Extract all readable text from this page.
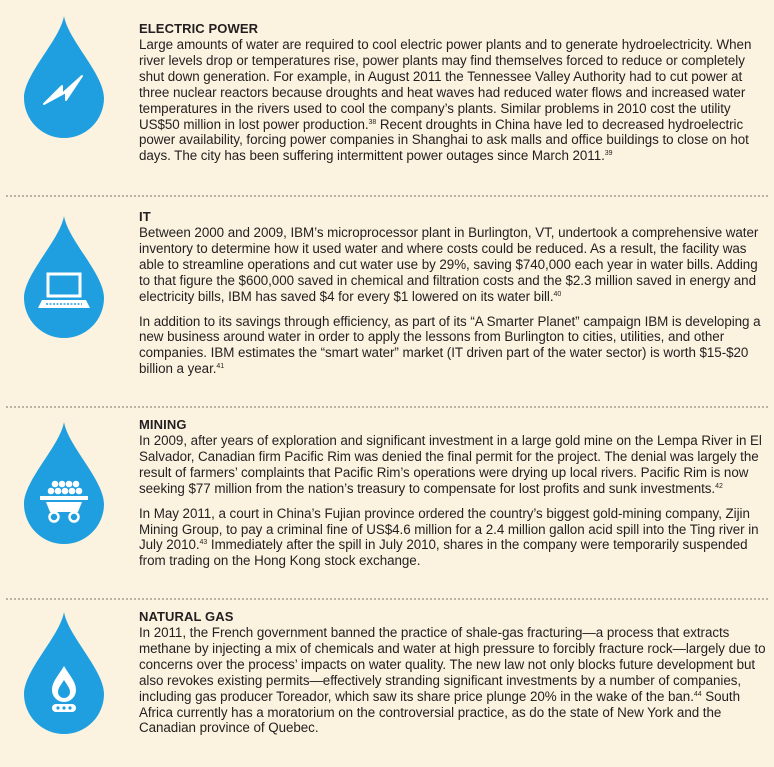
ELECTRIC POWER

Large amounts of water are required to cool electric power plants and to generate hydroelectricity. When river levels drop or temperatures rise, power plants may find themselves forced to reduce or completely shut down generation. For example, in August 2011 the Tennessee Valley Authority had to cut power at three nuclear reactors because droughts and heat waves had reduced water flows and increased water temperatures in the rivers used to cool the company’s plants. Similar problems in 2010 cost the utility US$50 million in lost power production.$^{38}$ Recent droughts in China have led to decreased hydroelectric power availability, forcing power companies in Shanghai to ask malls and office buildings to close on hot days. The city has been suffering intermittent power outages since March 2011.39

IT

Between 2000 and 2009, IBM’s microprocessor plant in Burlington, VT, undertook a comprehensive water inventory to determine how it used water and where costs could be reduced. As a result, the facility was able to streamline operations and cut water use by 29%, saving $740,000 each year in water bills. Adding to that figure the $600,000 saved in chemical and filtration costs and the $2.3 million saved in energy and electricity bills, IBM has saved $4 for every $1 lowered on its water bill.$^{40}$

In addition to its savings through efficiency, as part of its “A Smarter Planet” campaign IBM is developing a new business around water in order to apply the lessons from Burlington to cities, utilities, and other companies. IBM estimates the “smart water” market (IT driven part of the water sector) is worth $15-$20 billion a year.$^{41}$

MINING

In 2009, after years of exploration and significant investment in a large gold mine on the Lempa River in El Salvador, Canadian firm Pacific Rim was denied the final permit for the project. The denial was largely the result of farmers’ complaints that Pacific Rim’s operations were drying up local rivers. Pacific Rim is now seeking $77 million from the nation’s treasury to compensate for lost profits and sunk investments.$^{42}$

In May 2011, a court in China’s Fujian province ordered the country’s biggest gold-mining company, Zijin Mining Group, to pay a criminal fine of US$4.6 million for a 2.4 million gallon acid spill into the Ting river in July 2010.43 Immediately after the spill in July 2010, shares in the company were temporarily suspended from trading on the Hong Kong stock exchange.

NATURAL GAS

In 2011, the French government banned the practice of shale-gas fracturing—a process that extracts methane by injecting a mix of chemicals and water at high pressure to forcibly fracture rock—largely due to concerns over the process’ impacts on water quality. The new law not only blocks future development but also revokes existing permits—effectively stranding significant investments by a number of companies, including gas producer Toreador, which saw its share price plunge 20% in the wake of the ban.$^{44}$ South Africa currently has a moratorium on the controversial practice, as do the state of New York and the Canadian province of Quebec.
